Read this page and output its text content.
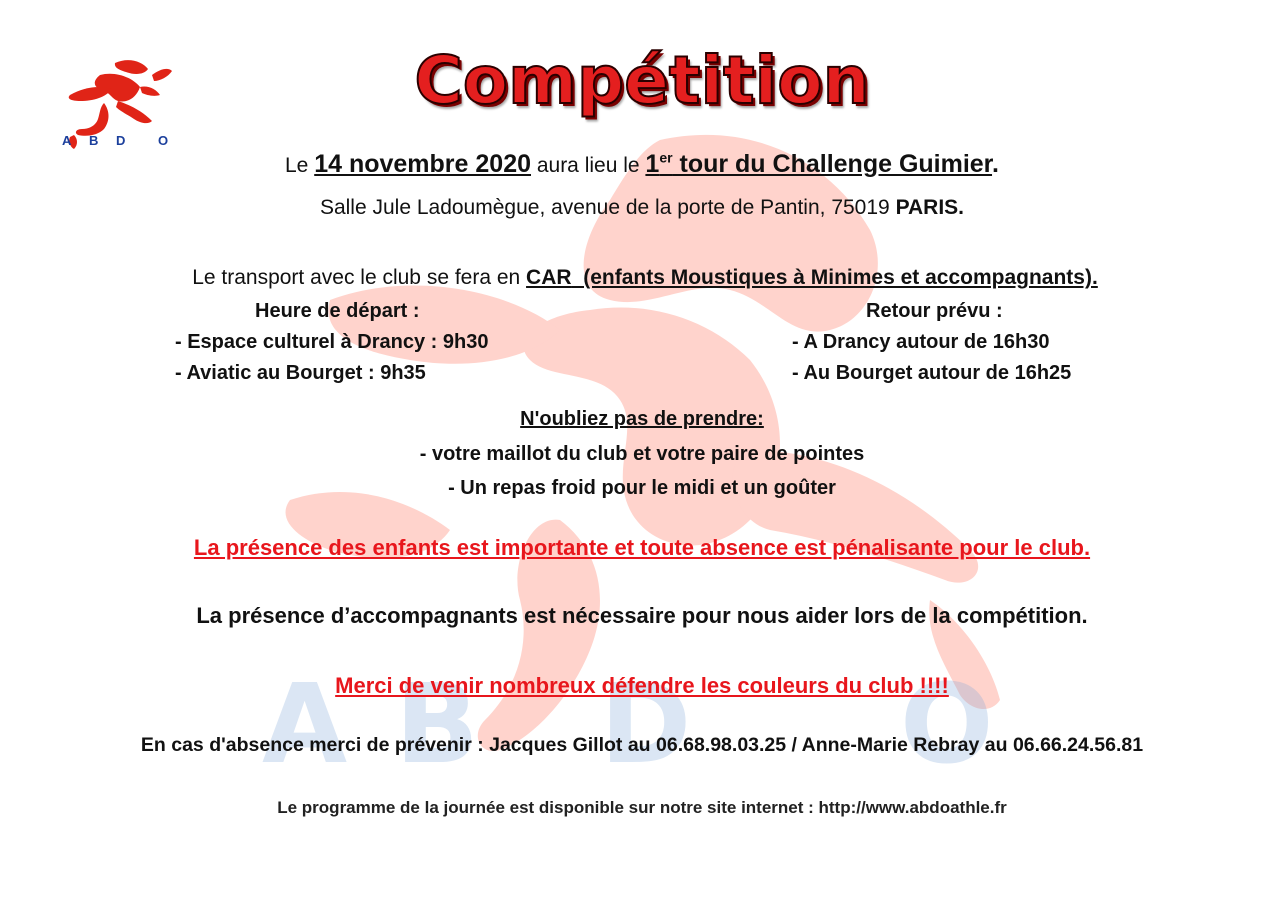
A B D O
A	B	D	O
Compétition
Le 14 novembre 2020 aura lieu le 1er tour du Challenge Guimier.
Salle Jule Ladoumègue, avenue de la porte de Pantin, 75019 PARIS.
Le transport avec le club se fera en CAR  (enfants Moustiques à Minimes et accompagnants).
Heure de départ :
- Espace culturel à Drancy : 9h30
- Aviatic au Bourget : 9h35
Retour prévu :
- A Drancy autour de 16h30
- Au Bourget autour de 16h25
N'oubliez pas de prendre:
- votre maillot du club et votre paire de pointes
- Un repas froid pour le midi et un goûter
La présence des enfants est importante et toute absence est pénalisante pour le club.
La présence d’accompagnants est nécessaire pour nous aider lors de la compétition.
Merci de venir nombreux défendre les couleurs du club !!!!
En cas d'absence merci de prévenir : Jacques Gillot au 06.68.98.03.25 / Anne-Marie Rebray au 06.66.24.56.81
Le programme de la journée est disponible sur notre site internet : http://www.abdoathle.fr
